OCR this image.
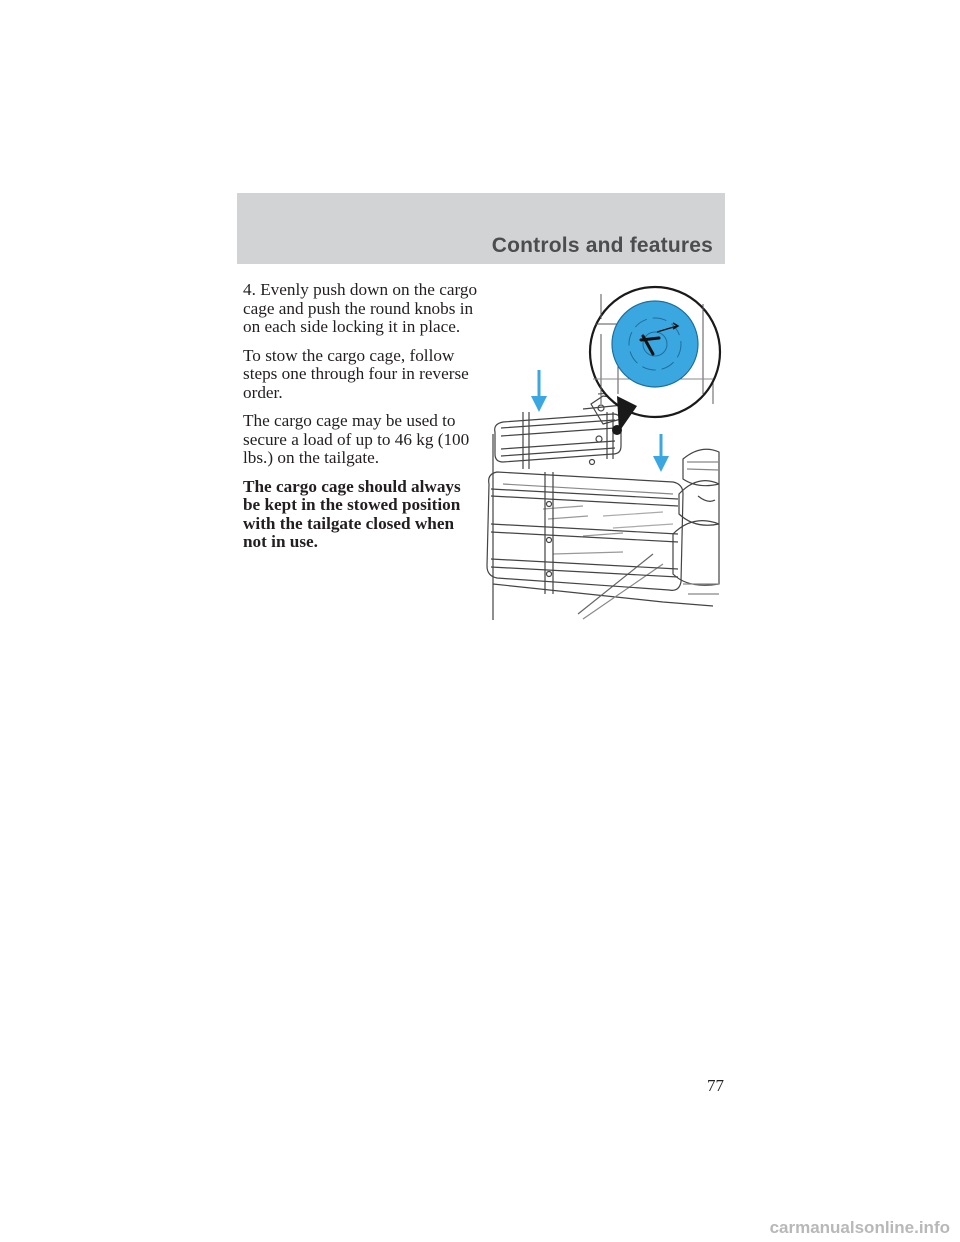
Controls and features

4. Evenly push down on the cargo cage and push the round knobs in on each side locking it in place.

To stow the cargo cage, follow steps one through four in reverse order.

The cargo cage may be used to secure a load of up to 46 kg (100 lbs.) on the tailgate.

The cargo cage should always be kept in the stowed position with the tailgate closed when not in use.

77
carmanualsonline.info
